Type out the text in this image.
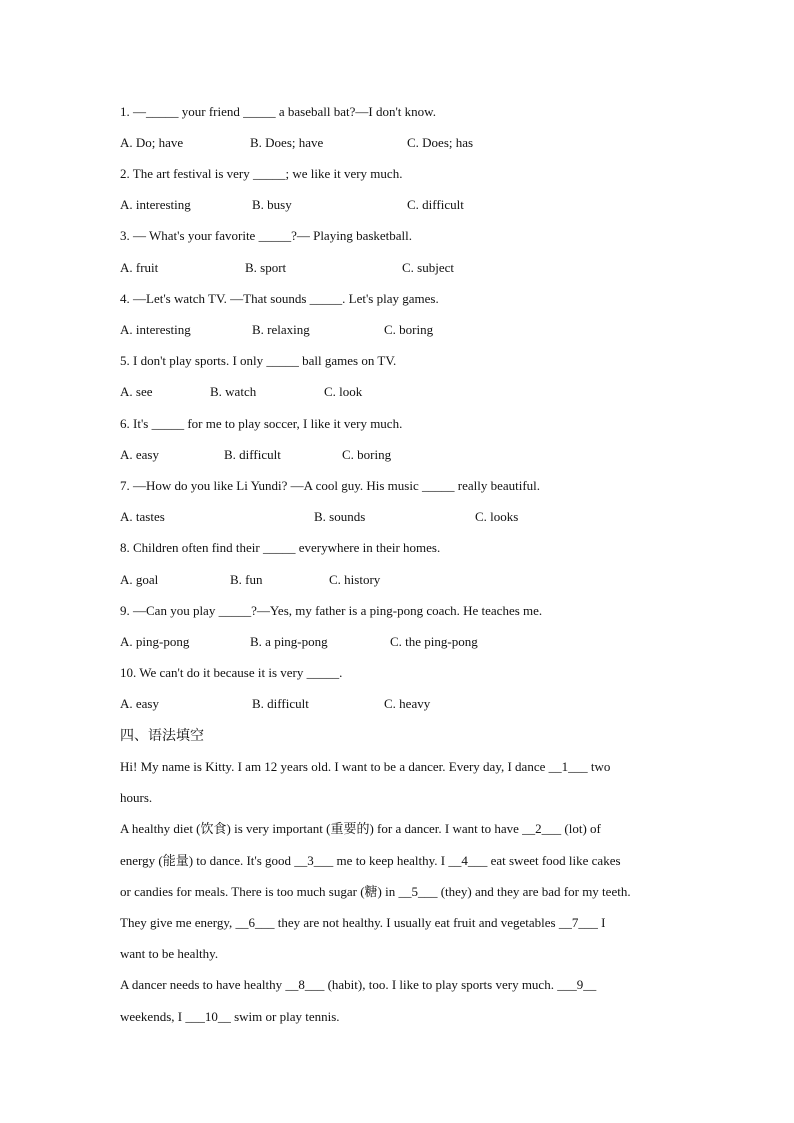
1. —_____ your friend _____ a baseball bat?—I don't know.
A. Do; have	B. Does; have	C. Does; has
2. The art festival is very _____; we like it very much.
A. interesting	B. busy	C. difficult
3. — What's your favorite _____?— Playing basketball.
A. fruit	B. sport	C. subject
4. —Let's watch TV. —That sounds _____. Let's play games.
A. interesting	B. relaxing	C. boring
5. I don't play sports. I only _____ ball games on TV.
A. see	B. watch	C. look
6. It's _____ for me to play soccer, I like it very much.
A. easy	B. difficult	C. boring
7. —How do you like Li Yundi? —A cool guy. His music _____ really beautiful.
A. tastes	B. sounds	C. looks
8. Children often find their _____ everywhere in their homes.
A. goal	B. fun	C. history
9. —Can you play _____?—Yes, my father is a ping-pong coach. He teaches me.
A. ping-pong	B. a ping-pong	C. the ping-pong
10. We can't do it because it is very _____.
A. easy	B. difficult	C. heavy
四、语法填空
Hi! My name is Kitty. I am 12 years old. I want to be a dancer. Every day, I dance __1___ two
hours.
A healthy diet (饮食) is very important (重要的) for a dancer. I want to have __2___ (lot) of
energy (能量) to dance. It's good __3___ me to keep healthy. I __4___ eat sweet food like cakes
or candies for meals. There is too much sugar (糖) in __5___ (they) and they are bad for my teeth.
They give me energy, __6___ they are not healthy. I usually eat fruit and vegetables __7___ I
want to be healthy.
A dancer needs to have healthy __8___ (habit), too. I like to play sports very much. ___9__
weekends, I ___10__ swim or play tennis.
